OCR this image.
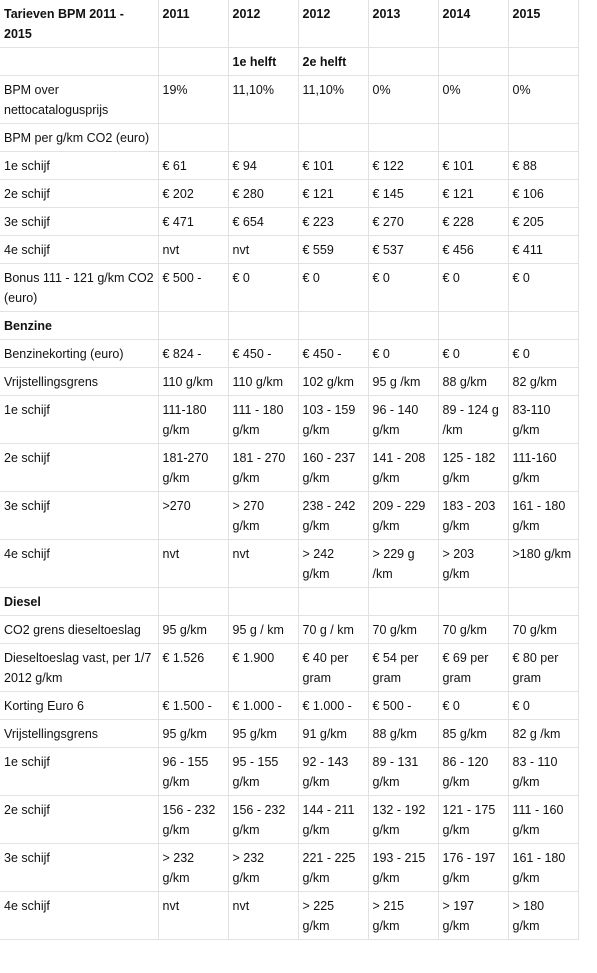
Tarieven BPM 2011 - 2015	2011	2012	2012	2013	2014	2015
		1e helft	2e helft			
BPM over nettocatalogusprijs	19%	11,10%	11,10%	0%	0%	0%
BPM per g/km CO2 (euro)						
1e schijf	€ 61	€ 94	€ 101	€ 122	€ 101	€ 88
2e schijf	€ 202	€ 280	€ 121	€ 145	€ 121	€ 106
3e schijf	€ 471	€ 654	€ 223	€ 270	€ 228	€ 205
4e schijf	nvt	nvt	€ 559	€ 537	€ 456	€ 411
Bonus 111 - 121 g/km CO2 (euro)	€ 500 -	€ 0	€ 0	€ 0	€ 0	€ 0
Benzine						
Benzinekorting (euro)	€ 824 -	€ 450 -	€ 450 -	€ 0	€ 0	€ 0
Vrijstellingsgrens	110 g/km	110 g/km	102 g/km	95 g /km	88 g/km	82 g/km
1e schijf	111-180 g/km	111 - 180 g/km	103 - 159 g/km	96 - 140 g/km	89 - 124 g /km	83-110 g/km
2e schijf	181-270 g/km	181 - 270 g/km	160 - 237 g/km	141 - 208 g/km	125 - 182 g/km	111-160 g/km
3e schijf	>270	> 270 g/km	238 - 242 g/km	209 - 229 g/km	183 - 203 g/km	161 - 180 g/km
4e schijf	nvt	nvt	> 242 g/km	> 229 g /km	> 203 g/km	>180 g/km
Diesel						
CO2 grens dieseltoeslag	95 g/km	95 g / km	70 g / km	70 g/km	70 g/km	70 g/km
Dieseltoeslag vast, per 1/7 2012 g/km	€ 1.526	€ 1.900	€ 40 per gram	€ 54 per gram	€ 69 per gram	€ 80 per gram
Korting Euro 6	€ 1.500 -	€ 1.000 -	€ 1.000 -	€ 500 -	€ 0	€ 0
Vrijstellingsgrens	95 g/km	95 g/km	91 g/km	88 g/km	85 g/km	82 g /km
1e schijf	96 - 155 g/km	95 - 155 g/km	92 - 143 g/km	89 - 131 g/km	86 - 120 g/km	83 - 110 g/km
2e schijf	156 - 232 g/km	156 - 232 g/km	144 - 211 g/km	132 - 192 g/km	121 - 175 g/km	111 - 160 g/km
3e schijf	> 232 g/km	> 232 g/km	221 - 225 g/km	193 - 215 g/km	176 - 197 g/km	161 - 180 g/km
4e schijf	nvt	nvt	> 225 g/km	> 215 g/km	> 197 g/km	> 180 g/km
